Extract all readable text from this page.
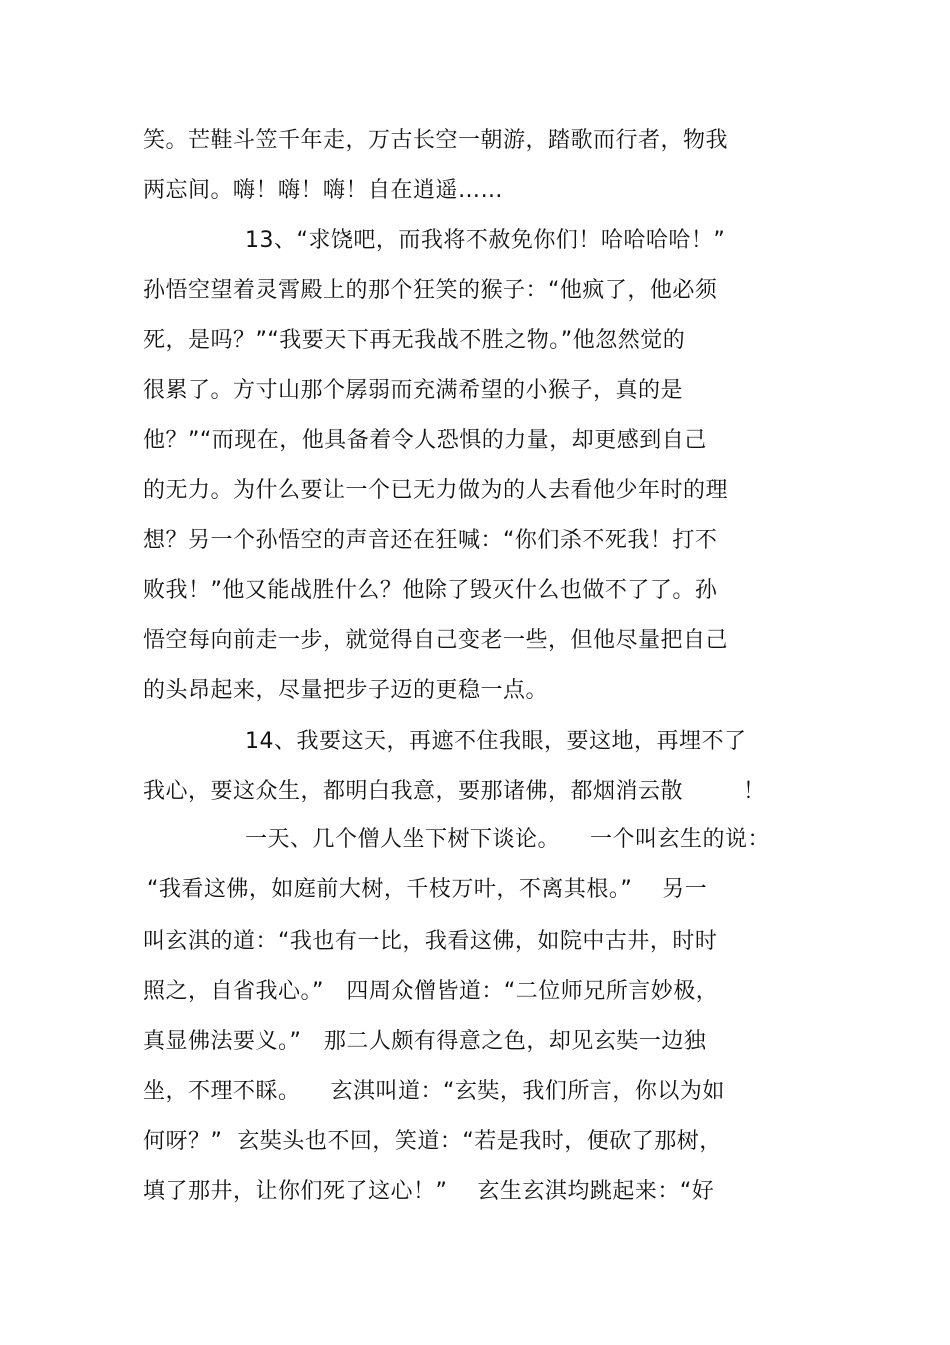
笑。芒鞋斗笠千年走，万古长空一朝游，踏歌而行者，物我
两忘间。嗨！嗨！嗨！自在逍遥……
13、“求饶吧，而我将不赦免你们！哈哈哈哈！”
孙悟空望着灵霄殿上的那个狂笑的猴子：“他疯了，他必须
死，是吗？”“我要天下再无我战不胜之物。”他忽然觉的
很累了。方寸山那个孱弱而充满希望的小猴子，真的是
他？”“而现在，他具备着令人恐惧的力量，却更感到自己
的无力。为什么要让一个已无力做为的人去看他少年时的理
想？另一个孙悟空的声音还在狂喊：“你们杀不死我！打不
败我！”他又能战胜什么？他除了毁灭什么也做不了了。孙
悟空每向前走一步，就觉得自己变老一些，但他尽量把自己
的头昂起来，尽量把步子迈的更稳一点。
14、我要这天，再遮不住我眼，要这地，再埋不了
我心，要这众生，都明白我意，要那诸佛，都烟消云散        ！
一天、几个僧人坐下树下谈论。    一个叫玄生的说：
“我看这佛，如庭前大树，千枝万叶，不离其根。”    另一
叫玄淇的道：“我也有一比，我看这佛，如院中古井，时时
照之，自省我心。”   四周众僧皆道：“二位师兄所言妙极，
真显佛法要义。”   那二人颇有得意之色，却见玄奘一边独
坐，不理不睬。    玄淇叫道：“玄奘，我们所言，你以为如
何呀？”  玄奘头也不回，笑道：“若是我时，便砍了那树，
填了那井，让你们死了这心！”    玄生玄淇均跳起来：“好
